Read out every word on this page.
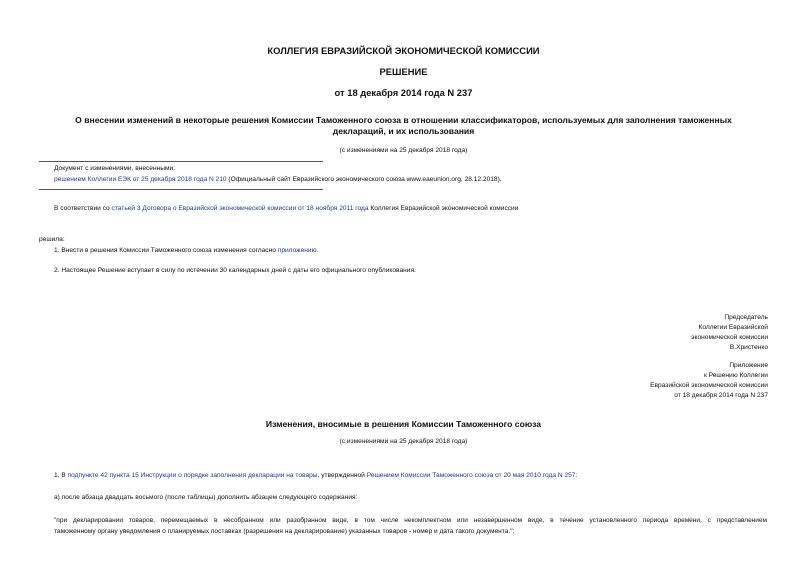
КОЛЛЕГИЯ ЕВРАЗИЙСКОЙ ЭКОНОМИЧЕСКОЙ КОМИССИИ
РЕШЕНИЕ
от 18 декабря 2014 года N 237
О внесении изменений в некоторые решения Комиссии Таможенного союза в отношении классификаторов, используемых для заполнения таможенных
деклараций, и их использования
(с изменениями на 25 декабря 2018 года)
Документ с изменениями, внесенными:
решением Коллегии ЕЭК от 25 декабря 2018 года N 210 (Официальный сайт Евразийского экономического союза www.eaeunion.org, 28.12.2018).
В соответствии со статьей 3 Договора о Евразийской экономической комиссии от 18 ноября 2011 года Коллегия Евразийской экономической комиссии
решила:
1. Внести в решения Комиссии Таможенного союза изменения согласно приложению.
2. Настоящее Решение вступает в силу по истечении 30 календарных дней с даты его официального опубликования.
Председатель
Коллегии Евразийской
экономической комиссии
В.Христенко
Приложение
к Решению Коллегии
Евразийской экономической комиссии
от 18 декабря 2014 года N 237
Изменения, вносимые в решения Комиссии Таможенного союза
(с изменениями на 25 декабря 2018 года)
1. В подпункте 42 пункта 15 Инструкции о порядке заполнения декларации на товары, утвержденной Решением Комиссии Таможенного союза от 20 мая 2010 года N 257:
а) после абзаца двадцать восьмого (после таблицы) дополнить абзацем следующего содержания:
"при декларировании товаров, перемещаемых в несобранном или разобранном виде, в том числе некомплектном или незавершенном виде, в течение установленного периода времени, с представлением
таможенному органу уведомления о планируемых поставках (разрешения на декларирование) указанных товаров - номер и дата такого документа.";
